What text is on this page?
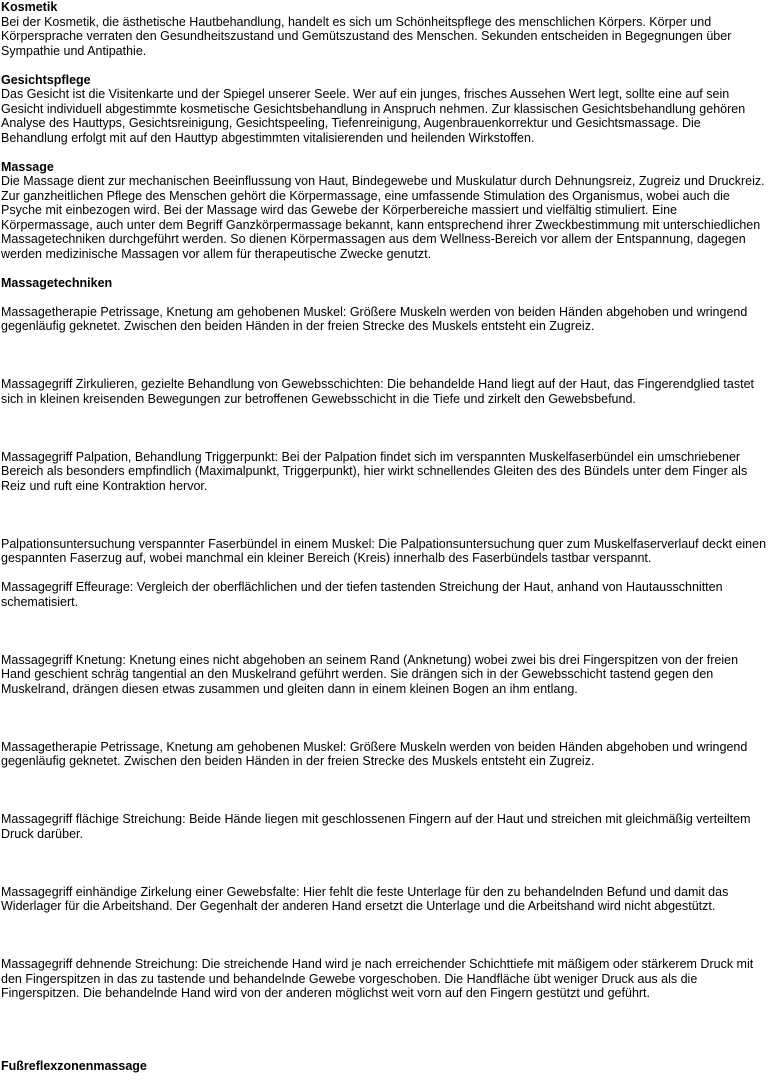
Kosmetik

Bei der Kosmetik, die ästhetische Hautbehandlung, handelt es sich um Schönheitspflege des menschlichen Körpers. Körper und Körpersprache verraten den Gesundheitszustand und Gemütszustand des Menschen. Sekunden entscheiden in Begegnungen über Sympathie und Antipathie.

Gesichtspflege

Das Gesicht ist die Visitenkarte und der Spiegel unserer Seele. Wer auf ein junges, frisches Aussehen Wert legt, sollte eine auf sein Gesicht individuell abgestimmte kosmetische Gesichtsbehandlung in Anspruch nehmen. Zur klassischen Gesichtsbehandlung gehören Analyse des Hauttyps, Gesichtsreinigung, Gesichtspeeling, Tiefenreinigung, Augenbrauenkorrektur und Gesichtsmassage. Die Behandlung erfolgt mit auf den Hauttyp abgestimmten vitalisierenden und heilenden Wirkstoffen.

Massage

Die Massage dient zur mechanischen Beeinflussung von Haut, Bindegewebe und Muskulatur durch Dehnungsreiz, Zugreiz und Druckreiz. Zur ganzheitlichen Pflege des Menschen gehört die Körpermassage, eine umfassende Stimulation des Organismus, wobei auch die Psyche mit einbezogen wird. Bei der Massage wird das Gewebe der Körperbereiche massiert und vielfältig stimuliert. Eine Körpermassage, auch unter dem Begriff Ganzkörpermassage bekannt, kann entsprechend ihrer Zweckbestimmung mit unterschiedlichen Massagetechniken durchgeführt werden. So dienen Körpermassagen aus dem Wellness-Bereich vor allem der Entspannung, dagegen werden medizinische Massagen vor allem für therapeutische Zwecke genutzt.

Massagetechniken

Massagetherapie Petrissage, Knetung am gehobenen Muskel: Größere Muskeln werden von beiden Händen abgehoben und wringend gegenläufig geknetet. Zwischen den beiden Händen in der freien Strecke des Muskels entsteht ein Zugreiz.

Massagegriff Zirkulieren, gezielte Behandlung von Gewebsschichten: Die behandelde Hand liegt auf der Haut, das Fingerendglied tastet sich in kleinen kreisenden Bewegungen zur betroffenen Gewebsschicht in die Tiefe und zirkelt den Gewebsbefund.

Massagegriff Palpation, Behandlung Triggerpunkt: Bei der Palpation findet sich im verspannten Muskelfaserbündel ein umschriebener Bereich als besonders empfindlich (Maximalpunkt, Triggerpunkt), hier wirkt schnellendes Gleiten des des Bündels unter dem Finger als Reiz und ruft eine Kontraktion hervor.

Palpationsuntersuchung verspannter Faserbündel in einem Muskel: Die Palpationsuntersuchung quer zum Muskelfaserverlauf deckt einen gespannten Faserzug auf, wobei manchmal ein kleiner Bereich (Kreis) innerhalb des Faserbündels tastbar verspannt.

Massagegriff Effeurage: Vergleich der oberflächlichen und der tiefen tastenden Streichung der Haut, anhand von Hautausschnitten schematisiert.

Massagegriff Knetung: Knetung eines nicht abgehoben an seinem Rand (Anknetung) wobei zwei bis drei Fingerspitzen von der freien Hand geschient schräg tangential an den Muskelrand geführt werden. Sie drängen sich in der Gewebsschicht tastend gegen den Muskelrand, drängen diesen etwas zusammen und gleiten dann in einem kleinen Bogen an ihm entlang.

Massagetherapie Petrissage, Knetung am gehobenen Muskel: Größere Muskeln werden von beiden Händen abgehoben und wringend gegenläufig geknetet. Zwischen den beiden Händen in der freien Strecke des Muskels entsteht ein Zugreiz.

Massagegriff flächige Streichung: Beide Hände liegen mit geschlossenen Fingern auf der Haut und streichen mit gleichmäßig verteiltem Druck darüber.

Massagegriff einhändige Zirkelung einer Gewebsfalte: Hier fehlt die feste Unterlage für den zu behandelnden Befund und damit das Widerlager für die Arbeitshand. Der Gegenhalt der anderen Hand ersetzt die Unterlage und die Arbeitshand wird nicht abgestützt.

Massagegriff dehnende Streichung: Die streichende Hand wird je nach erreichender Schichttiefe mit mäßigem oder stärkerem Druck mit den Fingerspitzen in das zu tastende und behandelnde Gewebe vorgeschoben. Die Handfläche übt weniger Druck aus als die Fingerspitzen. Die behandelnde Hand wird von der anderen möglichst weit vorn auf den Fingern gestützt und geführt.

Fußreflexzonenmassage
